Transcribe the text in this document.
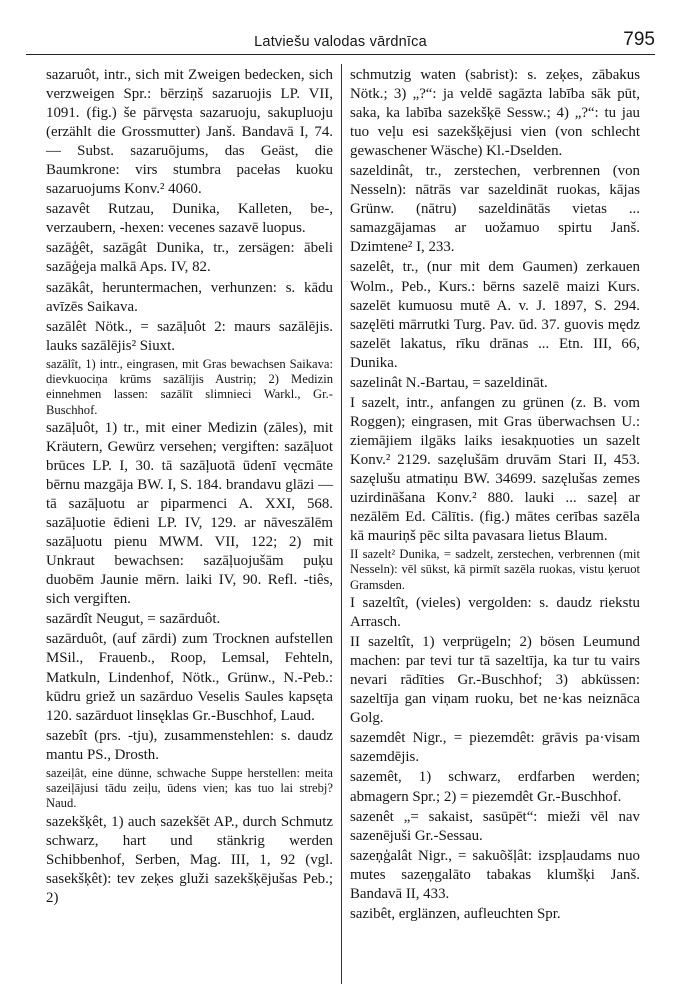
Latviešu valodas vārdnīca	795

sazaruôt, intr., sich mit Zweigen bedecken, sich verzweigen Spr.: bērziņš sazaruojis LP. VII, 1091. (fig.) še pārvęsta sazaruoju, sakupluoju (erzählt die Grossmutter) Janš. Bandavā I, 74. — Subst. sazaruōjums, das Geäst, die Baumkrone: virs stumbra pacełas kuoku sazaruojums Konv.² 4060.

sazavêt Rutzau, Dunika, Kalleten, be-, verzaubern, -hexen: vecenes sazavē luopus.

sazāģêt, sazāgât Dunika, tr., zersägen: ābeli sazāģeja malkā Aps. IV, 82.

sazākât, heruntermachen, verhunzen: s. kādu avīzēs Saikava.

sazālêt Nötk., = sazāļuôt 2: maurs sazālējis. lauks sazālējis² Siuxt.

sazālît, 1) intr., eingrasen, mit Gras bewachsen Saikava: dievkuociņa krūms sazālījis Austriņ; 2) Medizin einnehmen lassen: sazālīt slimnieci Warkl., Gr.-Buschhof.

sazāļuôt, 1) tr., mit einer Medizin (zāles), mit Kräutern, Gewürz versehen; vergiften: sazāļuot brūces LP. I, 30. tā sazāļuotā ūdenī vęcmāte bērnu mazgāja BW. I, S. 184. brandavu glāzi — tā sazāļuotu ar piparmenci A. XXI, 568. sazāļuotie ēdieni LP. IV, 129. ar nāveszālēm sazāļuotu pienu MWM. VII, 122; 2) mit Unkraut bewachsen: sazāļuojušām puķu duobēm Jaunie mērn. laiki IV, 90. Refl. -tiês, sich vergiften.

sazārdît Neugut, = sazārduôt.

sazārduôt, (auf zārdi) zum Trocknen aufstellen MSil., Frauenb., Roop, Lemsal, Fehteln, Matkuln, Lindenhof, Nötk., Grünw., N.-Peb.: kūdru griež un sazārduo Veselis Saules kapsęta 120. sazārduot linsęklas Gr.-Buschhof, Laud.

sazebît (prs. -tju), zusammenstehlen: s. daudz mantu PS., Drosth.

sazeiļât, eine dünne, schwache Suppe herstellen: meita sazeiļājusi tādu zeiļu, ūdens vien; kas tuo lai strebj? Naud.

sazekšķêt, 1) auch sazekšēt AP., durch Schmutz schwarz, hart und stänkrig werden Schibbenhof, Serben, Mag. III, 1, 92 (vgl. sasekšķêt): tev zeķes gluži sazekšķējušas Peb.; 2)

schmutzig waten (sabrist): s. zeķes, zābakus Nötk.; 3) „?“: ja veldē sagāzta labība sāk pūt, saka, ka labība sazekšķē Sessw.; 4) „?“: tu jau tuo veļu esi sazekšķējusi vien (von schlecht gewaschener Wäsche) Kl.-Dselden.

sazeldinât, tr., zerstechen, verbrennen (von Nesseln): nātrās var sazeldināt ruokas, kājas Grünw. (nātru) sazeldinātās vietas ... samazgājamas ar uožamuo spirtu Janš. Dzimtene² I, 233.

sazelêt, tr., (nur mit dem Gaumen) zerkauen Wolm., Peb., Kurs.: bērns sazelē maizi Kurs. sazelēt kumuosu mutē A. v. J. 1897, S. 294. sazęlēti mārrutki Turg. Pav. ūd. 37. guovis mędz sazelēt lakatus, rīku drānas ... Etn. III, 66, Dunika.

sazelinât N.-Bartau, = sazeldināt.

I sazelt, intr., anfangen zu grünen (z. B. vom Roggen); eingrasen, mit Gras überwachsen U.: ziemājiem ilgāks laiks iesakņuoties un sazelt Konv.² 2129. sazęlušām druvām Stari II, 453. sazęlušu atmatiņu BW. 34699. sazęlušas zemes uzirdināšana Konv.² 880. lauki ... sazeļ ar nezālēm Ed. Cālītis. (fig.) mātes cerības sazēla kā mauriņš pēc silta pavasara lietus Blaum.

II sazelt² Dunika, = sadzelt, zerstechen, verbrennen (mit Nesseln): vēl sūkst, kā pirmīt sazēla ruokas, vistu ķeruot Gramsden.

I sazeltît, (vieles) vergolden: s. daudz riekstu Arrasch.

II sazeltît, 1) verprügeln; 2) bösen Leumund machen: par tevi tur tā sazeltīja, ka tur tu vairs nevari rādīties Gr.-Buschhof; 3) abküssen: sazeltīja gan viņam ruoku, bet ne·kas neiznāca Golg.

sazemdêt Nigr., = piezemdêt: grāvis pa·visam sazemdējis.

sazemêt, 1) schwarz, erdfarben werden; abmagern Spr.; 2) = piezemdêt Gr.-Buschhof.

sazenêt „= sakaist, sasūpēt“: mieži vēl nav sazenējuši Gr.-Sessau.

sazeņģalât Nigr., = sakuõšļât: izspļaudams nuo mutes sazeņgalāto tabakas klumšķi Janš. Bandavā II, 433.

sazibêt, erglänzen, aufleuchten Spr.
